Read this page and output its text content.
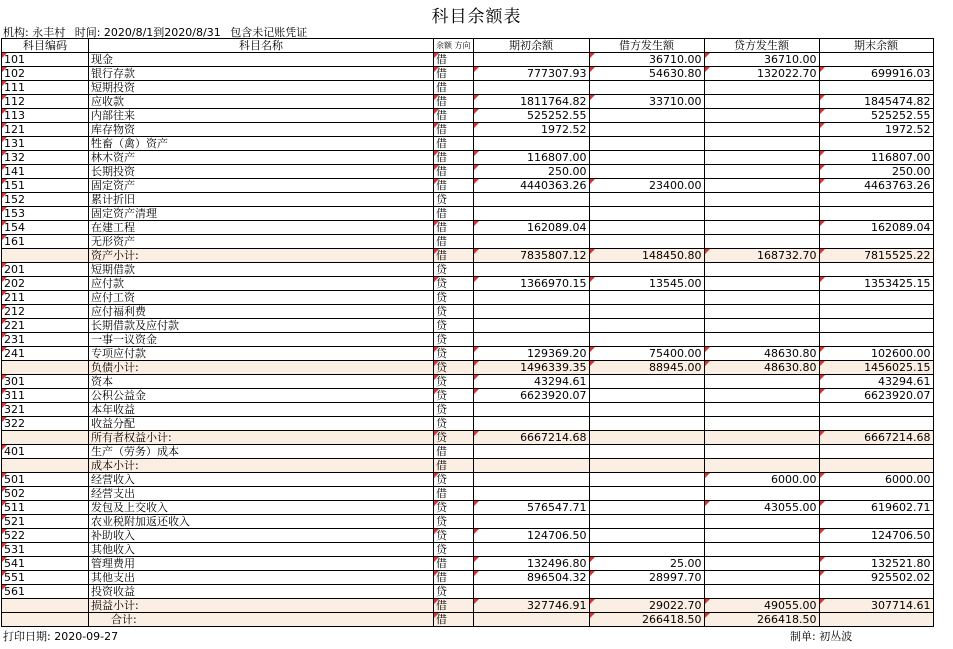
科目余额表
机构: 永丰村 时间: 2020/8/1到2020/8/31 包含未记账凭证
科目编码	科目名称	余额 方向	期初余额	借方发生额	贷方发生额	期末余额
101	现金	借		36710.00	36710.00	
102	银行存款	借	777307.93	54630.80	132022.70	699916.03
111	短期投资	借				
112	应收款	借	1811764.82	33710.00		1845474.82
113	内部往来	借	525252.55			525252.55
121	库存物资	借	1972.52			1972.52
131	牲畜（禽）资产	借				
132	林木资产	借	116807.00			116807.00
141	长期投资	借	250.00			250.00
151	固定资产	借	4440363.26	23400.00		4463763.26
152	累计折旧	贷				
153	固定资产清理	借				
154	在建工程	借	162089.04			162089.04
161	无形资产	借				
	资产小计:	借	7835807.12	148450.80	168732.70	7815525.22
201	短期借款	贷				
202	应付款	贷	1366970.15	13545.00		1353425.15
211	应付工资	贷				
212	应付福利费	贷				
221	长期借款及应付款	贷				
231	一事一议资金	贷				
241	专项应付款	贷	129369.20	75400.00	48630.80	102600.00
	负债小计:	贷	1496339.35	88945.00	48630.80	1456025.15
301	资本	贷	43294.61			43294.61
311	公积公益金	贷	6623920.07			6623920.07
321	本年收益	贷				
322	收益分配	贷				
	所有者权益小计:	贷	6667214.68			6667214.68
401	生产（劳务）成本	借				
	成本小计:	借				
501	经营收入	贷			6000.00	6000.00
502	经营支出	借				
511	发包及上交收入	贷	576547.71		43055.00	619602.71
521	农业税附加返还收入	贷				
522	补助收入	贷	124706.50			124706.50
531	其他收入	贷				
541	管理费用	借	132496.80	25.00		132521.80
551	其他支出	借	896504.32	28997.70		925502.02
561	投资收益	贷				
	损益小计:	借	327746.91	29022.70	49055.00	307714.61
	合计:	借		266418.50	266418.50	
打印日期: 2020-09-27	制单: 初丛波
